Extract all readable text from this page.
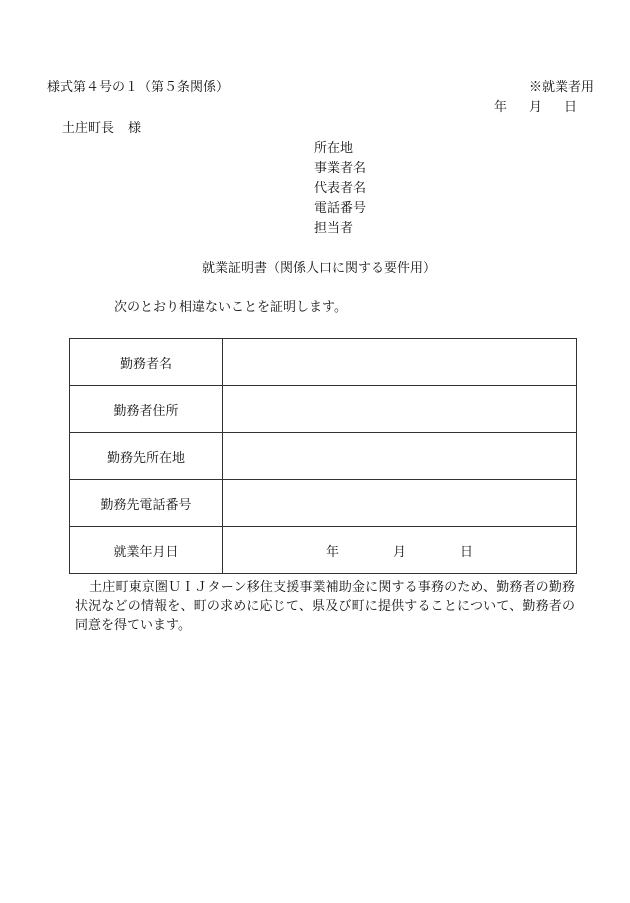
様式第４号の１（第５条関係）	※就業者用
年 月 日
土庄町長 様
所在地
事業者名
代表者名
電話番号
担当者
就業証明書（関係人口に関する要件用）
次のとおり相違ないことを証明します。
勤務者名	
勤務者住所	
勤務先所在地	
勤務先電話番号	
就業年月日	年 月 日
土庄町東京圏ＵＩＪターン移住支援事業補助金に関する事務のため、勤務者の勤務状況などの情報を、町の求めに応じて、県及び町に提供することについて、勤務者の同意を得ています。
